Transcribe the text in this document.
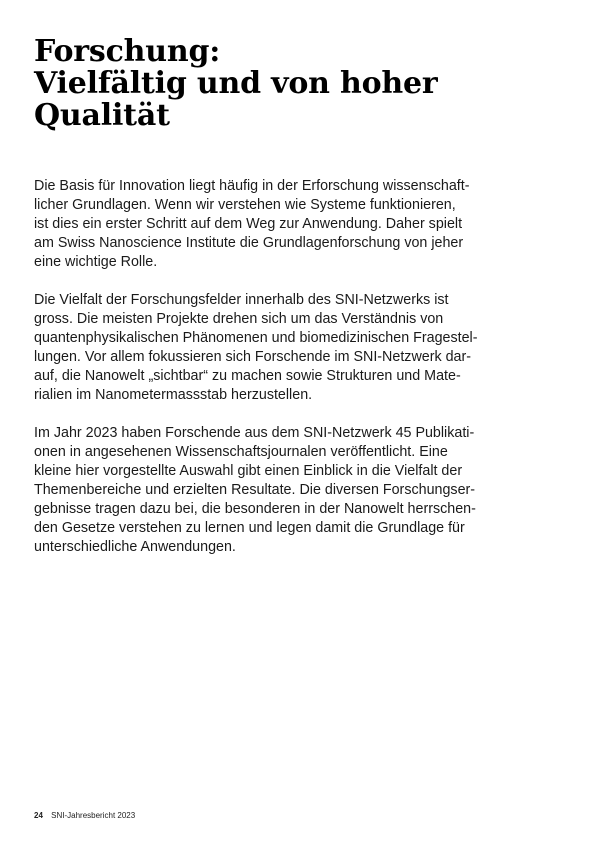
Forschung:
Vielfältig und von hoher
Qualität

Die Basis für Innovation liegt häufig in der Erforschung wissenschaft-
licher Grundlagen. Wenn wir verstehen wie Systeme funktionieren,
ist dies ein erster Schritt auf dem Weg zur Anwendung. Daher spielt
am Swiss Nanoscience Institute die Grundlagenforschung von jeher
eine wichtige Rolle.

Die Vielfalt der Forschungsfelder innerhalb des SNI-Netzwerks ist
gross. Die meisten Projekte drehen sich um das Verständnis von
quantenphysikalischen Phänomenen und biomedizinischen Fragestel-
lungen. Vor allem fokussieren sich Forschende im SNI-Netzwerk dar-
auf, die Nanowelt „sichtbar“ zu machen sowie Strukturen und Mate-
rialien im Nanometermassstab herzustellen.

Im Jahr 2023 haben Forschende aus dem SNI-Netzwerk 45 Publikati-
onen in angesehenen Wissenschaftsjournalen veröffentlicht. Eine
kleine hier vorgestellte Auswahl gibt einen Einblick in die Vielfalt der
Themenbereiche und erzielten Resultate. Die diversen Forschungser-
gebnisse tragen dazu bei, die besonderen in der Nanowelt herrschen-
den Gesetze verstehen zu lernen und legen damit die Grundlage für
unterschiedliche Anwendungen.

24 SNI-Jahresbericht 2023
